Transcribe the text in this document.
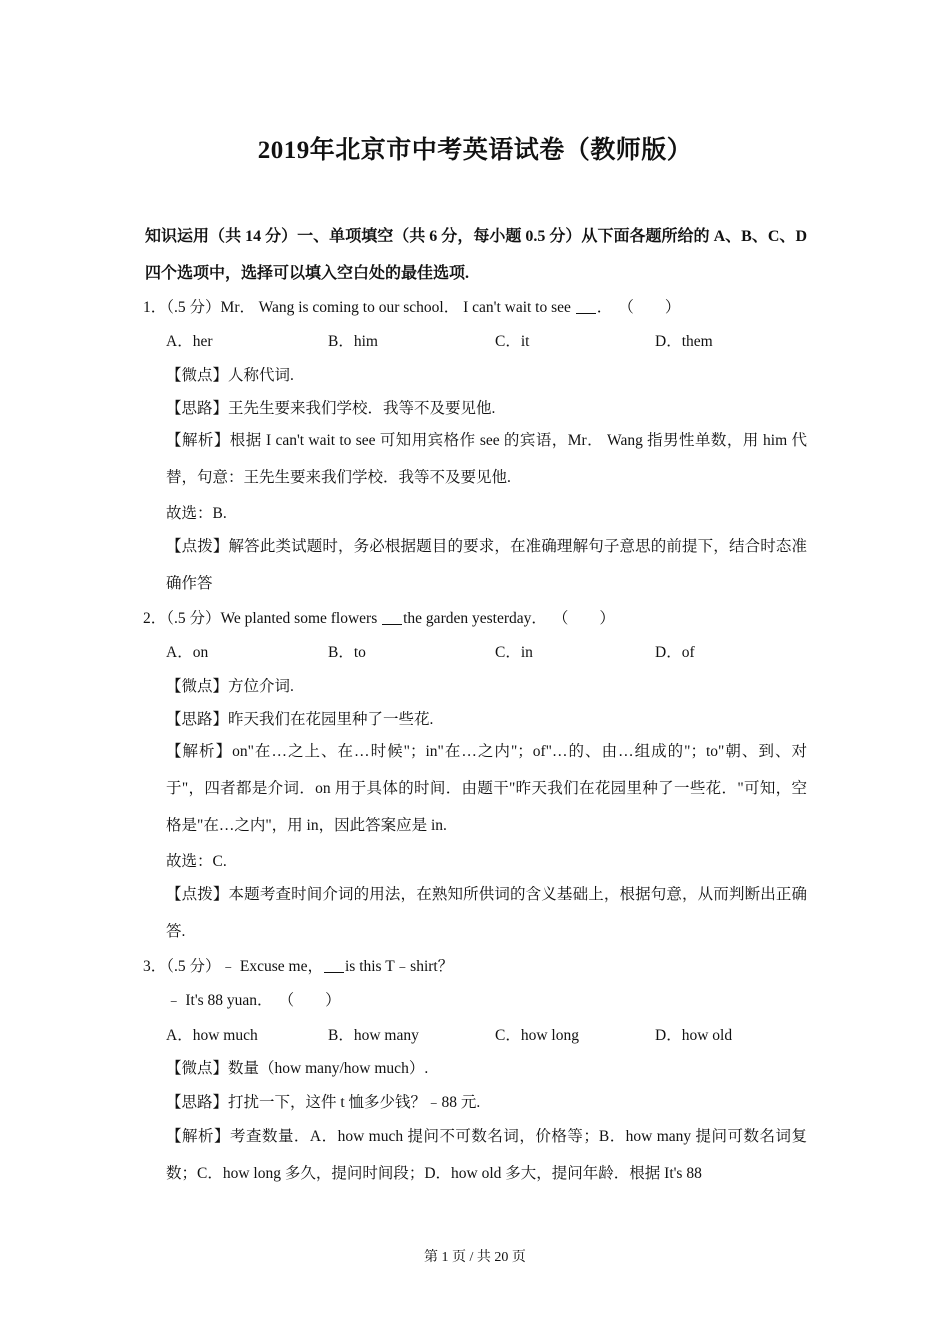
2019年北京市中考英语试卷（教师版）
知识运用（共 14 分）一、单项填空（共 6 分，每小题 0.5 分）从下面各题所给的 A、B、C、D 四个选项中，选择可以填入空白处的最佳选项.
1．（.5 分）Mr． Wang is coming to our school． I can't wait to see ． （　　）
A．her	B．him	C．it	D．them
【微点】人称代词.
【思路】王先生要来我们学校．我等不及要见他.
【解析】根据 I can't wait to see 可知用宾格作 see 的宾语，Mr． Wang 指男性单数，用 him 代替，句意：王先生要来我们学校．我等不及要见他.
故选：B.
【点拨】解答此类试题时，务必根据题目的要求，在准确理解句子意思的前提下，结合时态准确作答
2．（.5 分）We planted some flowers the garden yesterday． （　　）
A．on	B．to	C．in	D．of
【微点】方位介词.
【思路】昨天我们在花园里种了一些花.
【解析】on"在…之上、在…时候"；in"在…之内"；of"…的、由…组成的"；to"朝、到、对于"，四者都是介词．on 用于具体的时间．由题干"昨天我们在花园里种了一些花．"可知，空格是"在…之内"，用 in，因此答案应是 in.
故选：C.
【点拨】本题考查时间介词的用法，在熟知所供词的含义基础上，根据句意，从而判断出正确答.
3．（.5 分）﹣ Excuse me， is this T﹣shirt？
﹣ It's 88 yuan． （　　）
A．how much	B．how many	C．how long	D．how old
【微点】数量（how many/how much）.
【思路】打扰一下，这件 t 恤多少钱？﹣88 元.
【解析】考查数量．A．how much 提问不可数名词，价格等；B．how many 提问可数名词复数；C．how long 多久，提问时间段；D．how old 多大，提问年龄．根据 It's 88
第 1 页 / 共 20 页
